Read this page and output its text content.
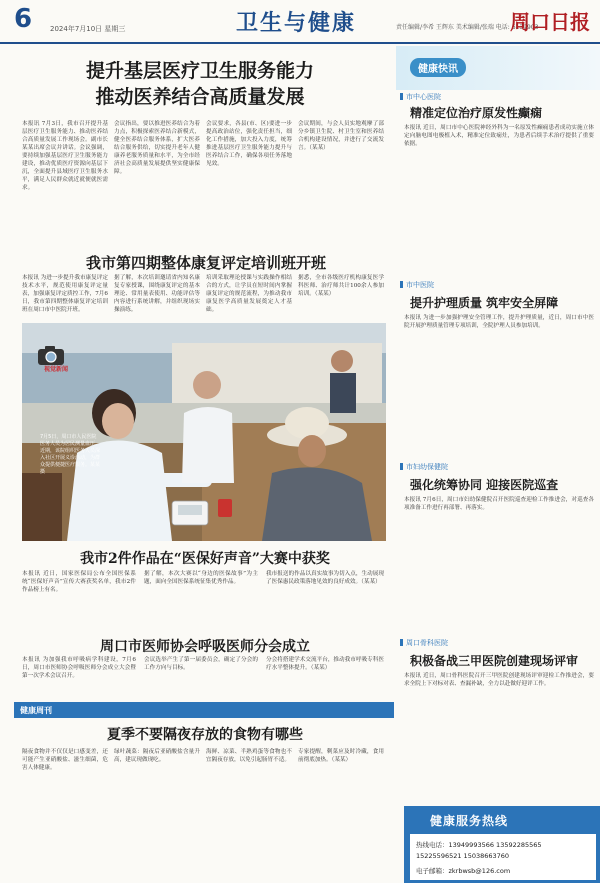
6	2024年7月10日 星期三	卫生与健康	责任编辑/李希 王辉东 美术编辑/张瑞 电话: 6139903
周口日报
提升基层医疗卫生服务能力
推动医养结合高质量发展
本报讯 7月3日，我市召开提升基层医疗卫生服务能力、推动医养结合高质量发展工作现场会。副市长某某出席会议并讲话。会议强调，要持续加强基层医疗卫生服务能力建设，推动优质医疗资源向基层下沉，全面提升县域医疗卫生服务水平，满足人民群众就近就便就医需求。
会议指出，要以推进医养结合为着力点，积极探索医养结合新模式，健全医养结合服务体系，扩大医养结合服务供给，切实提升老年人健康养老服务质量和水平，为全市经济社会高质量发展提供坚实健康保障。
会议要求，各县(市、区)要进一步提高政治站位，强化责任担当，细化工作措施，加大投入力度，统筹推进基层医疗卫生服务能力提升与医养结合工作，确保各项任务落地见效。
会议期间，与会人员实地观摩了部分乡镇卫生院、村卫生室和医养结合机构建设情况，并进行了交流发言。（某某）
我市第四期整体康复评定培训班开班
本报讯 为进一步提升我市康复评定技术水平，规范使用康复评定量表，加强康复评定质控工作，7月6日，我市第四期整体康复评定培训班在周口市中医院开班。
据了解，本次培训邀请省内知名康复专家授课，围绕康复评定的基本理论、常用量表使用、功能评估等内容进行系统讲解，并组织现场实操演练。
培训采取理论授课与实践操作相结合的方式，让学员在短时间内掌握康复评定的规范流程，为推动我市康复医学高质量发展奠定人才基础。
据悉，全市各级医疗机构康复医学科医师、治疗师共计100余人参加培训。（某某）
视觉新闻
7月5日，周口市人民医院医务人员为居民测量血压。近期，该院组织医务人员深入社区开展义诊活动，为群众提供便捷医疗服务。某某 摄
我市2件作品在“医保好声音”大赛中获奖
本报讯 近日，国家医保局公布全国医保系统“医保好声音”宣传大赛获奖名单，我市2件作品榜上有名。
据了解，本次大赛以“身边的医保故事”为主题，面向全国医保系统征集优秀作品。
我市报送的作品以真实故事为切入点，生动展现了医保惠民政策落地见效的良好成效。（某某）
周口市医师协会呼吸医师分会成立
本报讯 为加强我市呼吸病学科建设，7月6日，周口市医师协会呼吸医师分会成立大会暨第一次学术会议召开。
会议选举产生了第一届委员会，确定了分会的工作方向与目标。
分会将搭建学术交流平台，推动我市呼吸专科医疗水平整体提升。（某某）
健康周刊
夏季不要隔夜存放的食物有哪些
隔夜食物并不仅仅是口感变差，还可能产生亚硝酸盐、滋生细菌，危害人体健康。
绿叶蔬菜：隔夜后亚硝酸盐含量升高，建议现做现吃。
海鲜、凉菜、半熟鸡蛋等食物也不宜隔夜存放，以免引起肠胃不适。
专家提醒，剩菜应及时冷藏，食用前彻底加热。（某某）
健康快讯
市中心医院
精准定位治疗原发性癫痫
本报讯 近日，周口市中心医院神经外科为一名原发性癫痫患者成功实施立体定向脑电图电极植入术，精准定位致痫灶，为患者后续手术治疗提供了重要依据。
市中医院
提升护理质量 筑牢安全屏障
本报讯 为进一步加强护理安全管理工作，提升护理质量，近日，周口市中医院开展护理质量管理专项培训，全院护理人员参加培训。
市妇幼保健院
强化统筹协同 迎接医院巡查
本报讯 7月6日，周口市妇幼保健院召开医院巡查迎检工作推进会，对巡查各项准备工作进行再部署、再落实。
周口骨科医院
积极备战三甲医院创建现场评审
本报讯 近日，周口骨科医院召开三甲医院创建现场评审迎检工作推进会，要求全院上下对标对表、查漏补缺，全力以赴做好迎评工作。
健康服务热线
热线电话：13949993566 13592285565
15225596521 15038663760
电子邮箱：zkrbwsb@126.com
